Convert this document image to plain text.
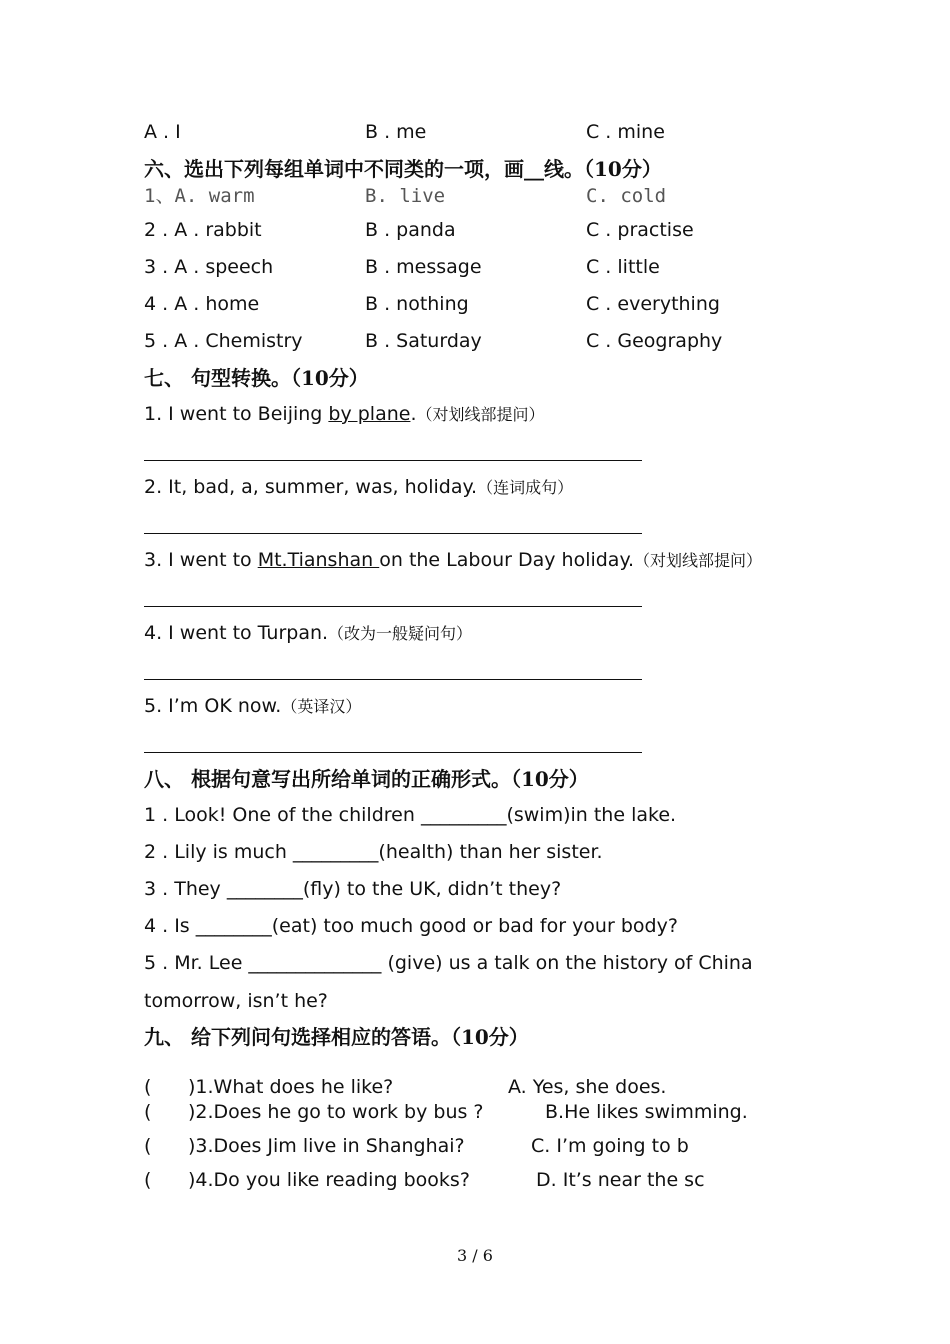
A . I	B . me	C . mine
六、选出下列每组单词中不同类的一项，画__线。（10分）
1、A. warm	B. live	C. cold
2 . A . rabbit	B . panda	C . practise
3 . A . speech	B . message	C . little
4 . A . home	B . nothing	C . everything
5 . A . Chemistry	B . Saturday	C . Geography
七、 句型转换。（10分）
1. I went to Beijing by plane.（对划线部提问）
2. It, bad, a, summer, was, holiday.（连词成句）
3. I went to Mt.Tianshan on the Labour Day holiday.（对划线部提问）
4. I went to Turpan.（改为一般疑问句）
5. I’m OK now.（英译汉）
八、 根据句意写出所给单词的正确形式。（10分）
1 . Look! One of the children _________(swim)in the lake.
2 . Lily is much _________(health) than her sister.
3 . They ________(fly) to the UK, didn’t they?
4 . Is ________(eat) too much good or bad for your body?
5 . Mr. Lee ______________ (give) us a talk on the history of China
tomorrow, isn’t he?
九、 给下列问句选择相应的答语。（10分）
( )1.What does he like?	A. Yes, she does.
( )2.Does he go to work by bus ?	B.He likes swimming.
( )3.Does Jim live in Shanghai?	C. I’m going to b
( )4.Do you like reading books?	D. It’s near the sc
3 / 6
